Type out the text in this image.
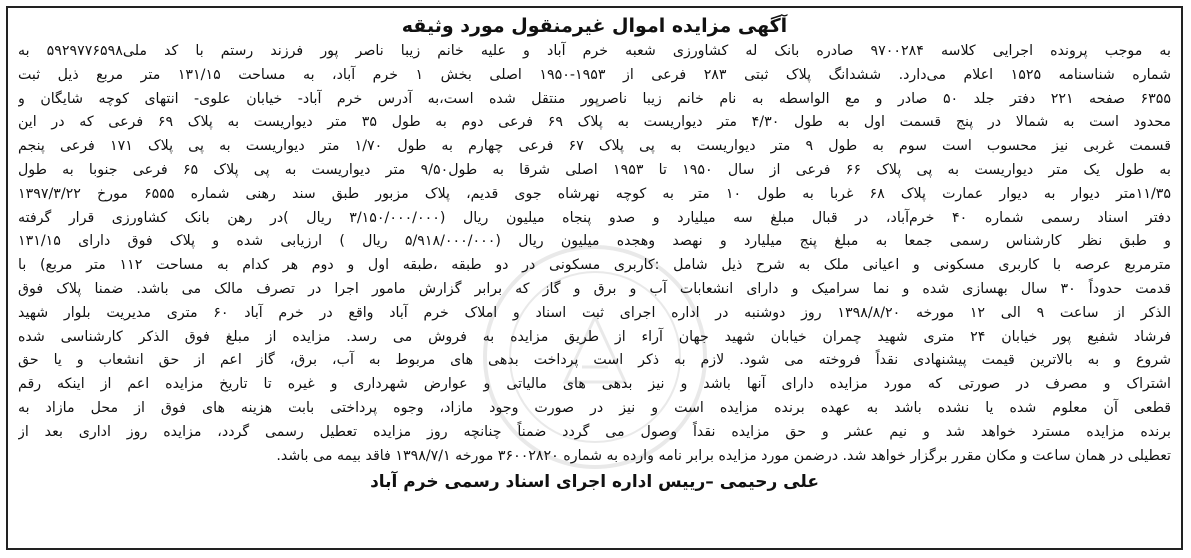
آگهی مزایده اموال غیرمنقول مورد وثیقه
به موجب پرونده اجرایی کلاسه ۹۷۰۰۲۸۴ صادره بانک له کشاورزی شعبه خرم آباد و علیه خانم زیبا ناصر پور فرزند رستم با کد ملی۵۹۲۹۷۷۶۵۹۸ به
شماره شناسنامه ۱۵۲۵ اعلام می‌دارد. ششدانگ پلاک ثبتی ۲۸۳ فرعی از ۱۹۵۳-۱۹۵۰ اصلی بخش ۱ خرم آباد، به مساحت ۱۳۱/۱۵ متر مربع ذیل ثبت
۶۳۵۵ صفحه ۲۲۱ دفتر جلد ۵۰ صادر و مع الواسطه به نام خانم زیبا ناصرپور منتقل شده است،به آدرس خرم آباد- خیابان علوی- انتهای کوچه شایگان و
محدود است به شمالا در پنج قسمت اول به طول ۴/۳۰ متر دیواریست به پلاک ۶۹ فرعی دوم به طول ۳۵ متر دیواریست به پلاک ۶۹ فرعی که در این
قسمت غربی نیز محسوب است سوم به طول ۹ متر دیواریست به پی پلاک ۶۷ فرعی چهارم به طول ۱/۷۰ متر دیواریست به پی پلاک ۱۷۱ فرعی پنجم
به طول یک متر دیواریست به پی پلاک ۶۶ فرعی از سال ۱۹۵۰ تا ۱۹۵۳ اصلی شرقا به طول۹/۵۰ متر دیواریست به پی پلاک ۶۵ فرعی جنوبا به طول
۱۱/۳۵متر دیوار به دیوار عمارت پلاک ۶۸ غربا به طول ۱۰ متر به کوچه نهرشاه جوی قدیم، پلاک مزبور طبق سند رهنی شماره ۶۵۵۵ مورخ ۱۳۹۷/۳/۲۲
دفتر اسناد رسمی شماره ۴۰ خرم‌آباد، در قبال مبلغ سه میلیارد و صدو پنجاه میلیون ریال (۳/۱۵۰/۰۰۰/۰۰۰ ریال )در رهن بانک کشاورزی قرار گرفته
و طبق نظر کارشناس رسمی جمعا به مبلغ پنج میلیارد و نهصد وهجده میلیون ریال (۵/۹۱۸/۰۰۰/۰۰۰ ریال ) ارزیابی شده و پلاک فوق دارای ۱۳۱/۱۵
مترمربع عرصه با کاربری مسکونی و اعیانی ملک به شرح ذیل شامل :کاربری مسکونی در دو طبقه ،طبقه اول و دوم هر کدام به مساحت ۱۱۲ متر مربع) با
قدمت حدوداً ۳۰ سال بهسازی شده و نما سرامیک و دارای انشعابات آب و برق و گاز که برابر گزارش مامور اجرا در تصرف مالک می باشد. ضمنا پلاک فوق
الذکر از ساعت ۹ الی ۱۲ مورخه ۱۳۹۸/۸/۲۰ روز دوشنبه در اداره اجرای ثبت اسناد و املاک خرم آباد واقع در خرم آباد ۶۰ متری مدیریت بلوار شهید
فرشاد شفیع پور خیابان ۲۴ متری شهید چمران خیابان شهید جهان آراء از طریق مزایده به فروش می رسد. مزایده از مبلغ فوق الذکر کارشناسی شده
شروع و به بالاترین قیمت پیشنهادی نقداً فروخته می شود. لازم به ذکر است پرداخت بدهی های مربوط به آب، برق، گاز اعم از حق انشعاب و یا حق
اشتراک و مصرف در صورتی که مورد مزایده دارای آنها باشد و نیز بدهی های مالیاتی و عوارض شهرداری و غیره تا تاریخ مزایده اعم از اینکه رقم
قطعی آن معلوم شده یا نشده باشد به عهده برنده مزایده است و نیز در صورت وجود مازاد، وجوه پرداختی بابت هزینه های فوق از محل مازاد به
برنده مزایده مسترد خواهد شد و نیم عشر و حق مزایده نقداً وصول می گردد ضمناً چنانچه روز مزایده تعطیل رسمی گردد، مزایده روز اداری بعد از
تعطیلی در همان ساعت و مکان مقرر برگزار خواهد شد. درضمن مورد مزایده برابر نامه وارده به شماره ۳۶۰۰۲۸۲۰ مورخه ۱۳۹۸/۷/۱ فاقد بیمه می باشد.
علی رحیمی –رییس اداره اجرای اسناد رسمی خرم آباد
